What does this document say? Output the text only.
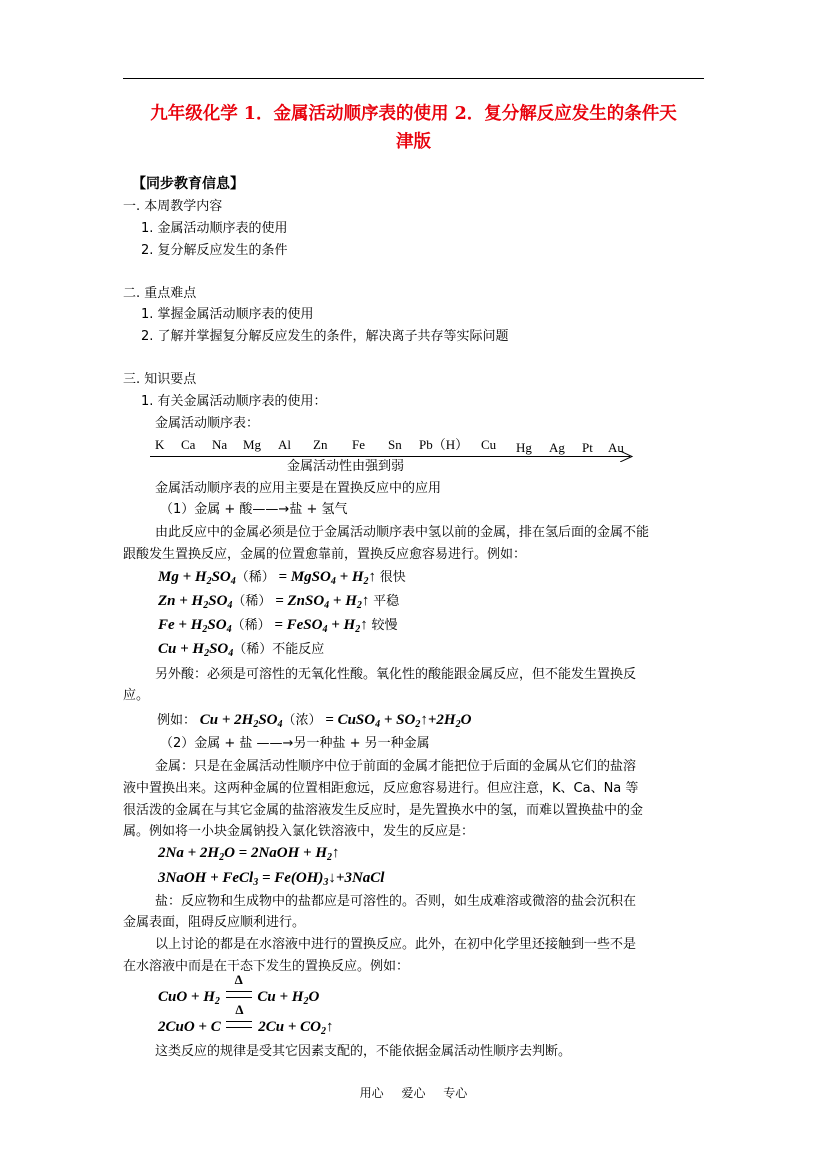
九年级化学 1．金属活动顺序表的使用 2．复分解反应发生的条件天
津版
【同步教育信息】
一. 本周教学内容
1. 金属活动顺序表的使用
2. 复分解反应发生的条件
二. 重点难点
1. 掌握金属活动顺序表的使用
2. 了解并掌握复分解反应发生的条件，解决离子共存等实际问题
三. 知识要点
1. 有关金属活动顺序表的使用：
金属活动顺序表：
K Ca Na Mg Al Zn Fe Sn Pb（H） Cu Hg Ag Pt Au
金属活动性由强到弱
金属活动顺序表的应用主要是在置换反应中的应用
（1）金属 + 酸——→盐 + 氢气
由此反应中的金属必须是位于金属活动顺序表中氢以前的金属，排在氢后面的金属不能
跟酸发生置换反应，金属的位置愈靠前，置换反应愈容易进行。例如：
$Mg + H_2SO_4$（稀） = MgSO$_4$ + $H_2↑$ 很快
$Zn + H_2SO_4$（稀） = ZnSO$_4$ + $H_2↑$ 平稳
$Fe + H_2SO_4$（稀） = FeSO$_4$ + $H_2↑$ 较慢
$Cu + H_2SO_4$（稀）不能反应
另外酸：必须是可溶性的无氧化性酸。氧化性的酸能跟金属反应，但不能发生置换反
应。
例如： $Cu + 2H_2SO_4$（浓） = CuSO$_4$ + $SO_2↑+2H_2O$
（2）金属 + 盐 ——→另一种盐 + 另一种金属
金属：只是在金属活动性顺序中位于前面的金属才能把位于后面的金属从它们的盐溶
液中置换出来。这两种金属的位置相距愈远，反应愈容易进行。但应注意，K、Ca、Na 等
很活泼的金属在与其它金属的盐溶液发生反应时，是先置换水中的氢，而难以置换盐中的金
属。例如将一小块金属钠投入氯化铁溶液中，发生的反应是：
$2Na + 2H_2O$ = 2NaOH + $H_2↑$
3NaOH + FeCl$_3$ = $Fe(OH)_3↓+3NaCl$
盐：反应物和生成物中的盐都应是可溶性的。否则，如生成难溶或微溶的盐会沉积在
金属表面，阻碍反应顺利进行。
以上讨论的都是在水溶液中进行的置换反应。此外，在初中化学里还接触到一些不是
在水溶液中而是在干态下发生的置换反应。例如：
CuO + $H_2$
Δ
$Cu + H_2O$
2CuO + C
Δ
$2Cu + CO_2↑$
这类反应的规律是受其它因素支配的，不能依据金属活动性顺序去判断。
用心 爱心 专心
